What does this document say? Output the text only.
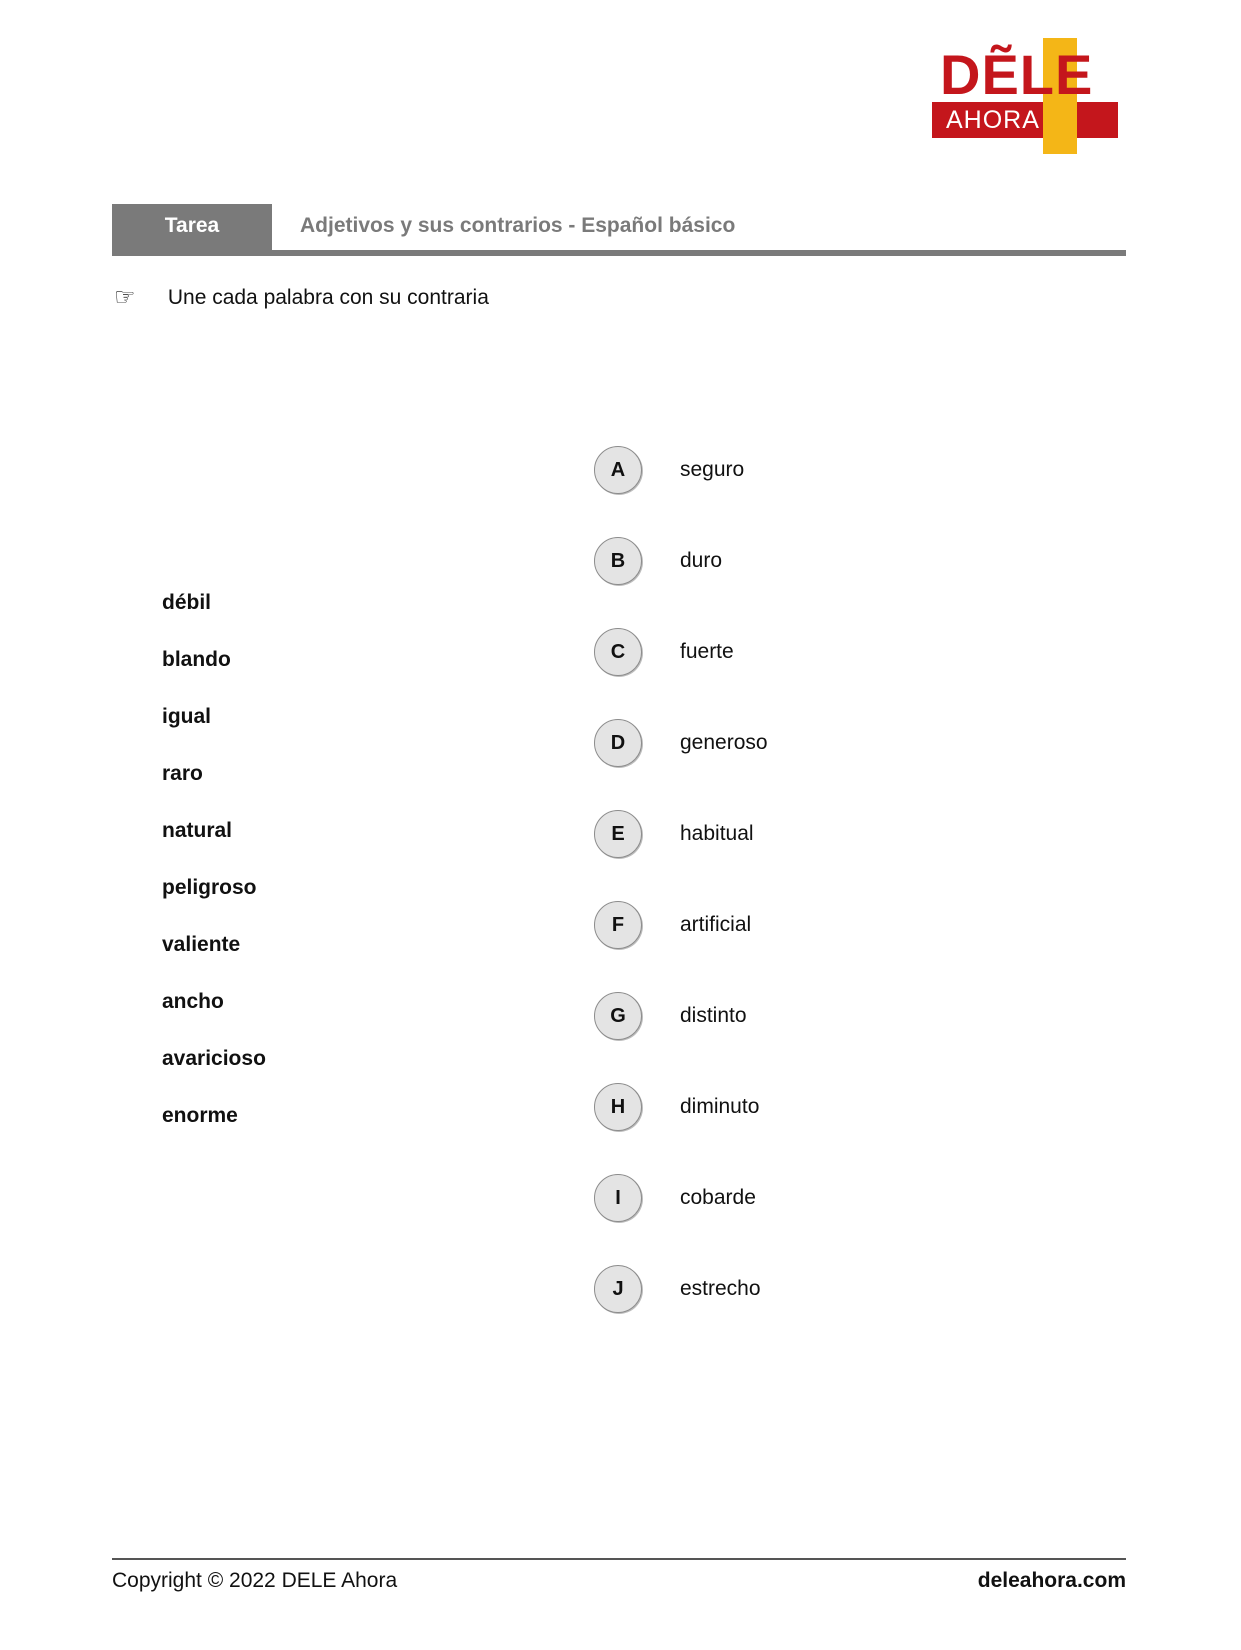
DẼLE
AHORA
Tarea	Adjetivos y sus contrarios - Español básico
☞ Une cada palabra con su contraria
débil
blando
igual
raro
natural
peligroso
valiente
ancho
avaricioso
enorme
A	seguro
B	duro
C	fuerte
D	generoso
E	habitual
F	artificial
G	distinto
H	diminuto
I	cobarde
J	estrecho
Copyright © 2022 DELE Ahora	deleahora.com
